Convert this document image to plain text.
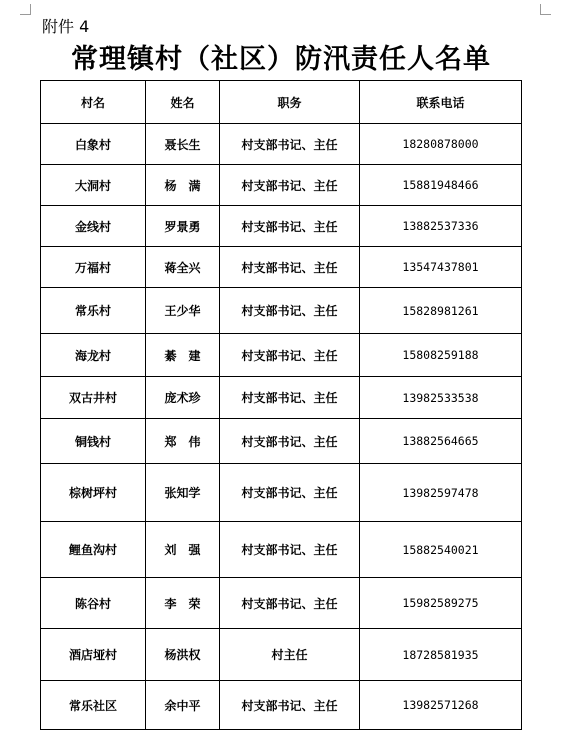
附件 4
常理镇村（社区）防汛责任人名单
村名	姓名	职务	联系电话
白象村	聂长生	村支部书记、主任	18280878000
大洞村	杨　满	村支部书记、主任	15881948466
金线村	罗景勇	村支部书记、主任	13882537336
万福村	蒋全兴	村支部书记、主任	13547437801
常乐村	王少华	村支部书记、主任	15828981261
海龙村	綦　建	村支部书记、主任	15808259188
双古井村	庞术珍	村支部书记、主任	13982533538
铜钱村	郑　伟	村支部书记、主任	13882564665
棕树坪村	张知学	村支部书记、主任	13982597478
鲤鱼沟村	刘　强	村支部书记、主任	15882540021
陈谷村	李　荣	村支部书记、主任	15982589275
酒店垭村	杨洪权	村主任	18728581935
常乐社区	余中平	村支部书记、主任	13982571268
